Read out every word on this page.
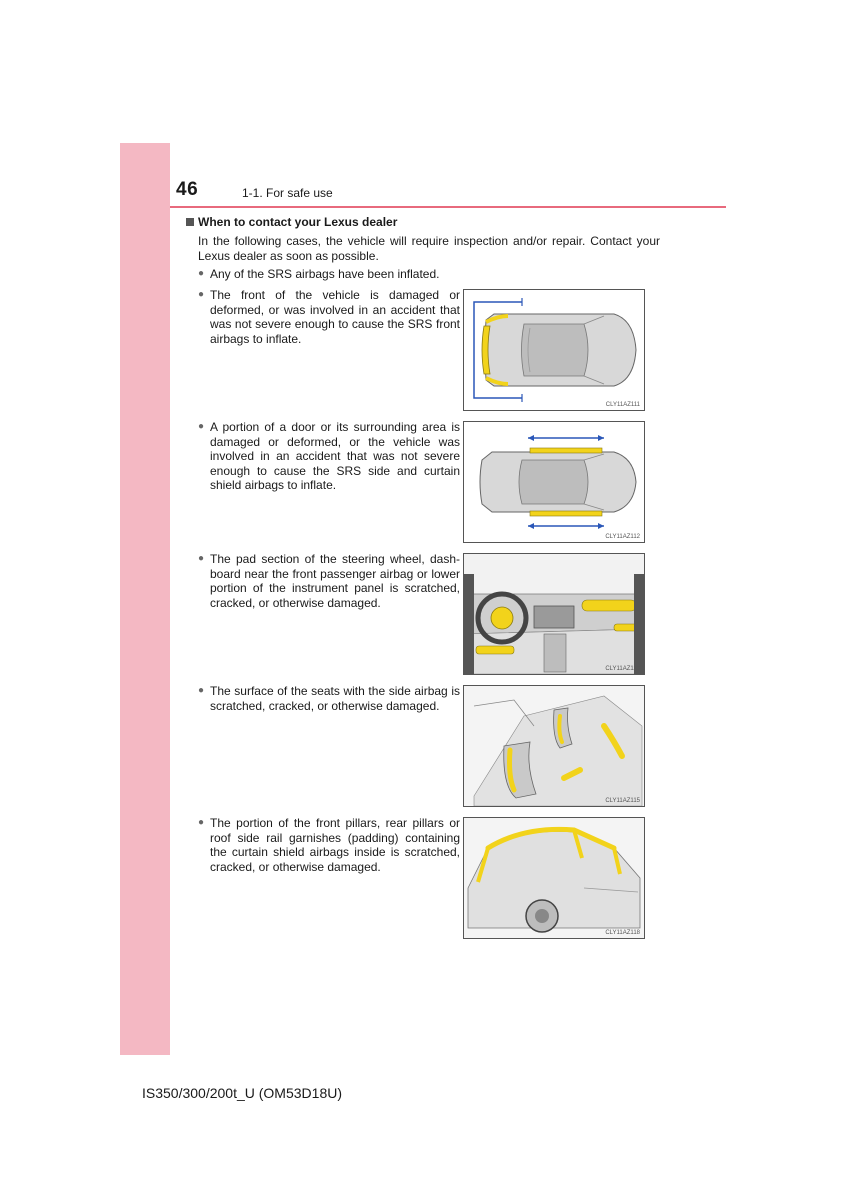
46	1-1. For safe use
When to contact your Lexus dealer
In the following cases, the vehicle will require inspection and/or repair. Contact your Lexus dealer as soon as possible.
● Any of the SRS airbags have been inflated.
● The front of the vehicle is damaged or deformed, or was involved in an accident that was not severe enough to cause the SRS front airbags to inflate.
● A portion of a door or its surrounding area is damaged or deformed, or the vehicle was involved in an accident that was not severe enough to cause the SRS side and curtain shield airbags to inflate.
● The pad section of the steering wheel, dash-board near the front passenger airbag or lower portion of the instrument panel is scratched, cracked, or otherwise damaged.
● The surface of the seats with the side airbag is scratched, cracked, or otherwise damaged.
● The portion of the front pillars, rear pillars or roof side rail garnishes (padding) containing the curtain shield airbags inside is scratched, cracked, or otherwise damaged.
CLY11AZ111
CLY11AZ112
CLY11AZ113
CLY11AZ115
CLY11AZ118
IS350/300/200t_U (OM53D18U)
